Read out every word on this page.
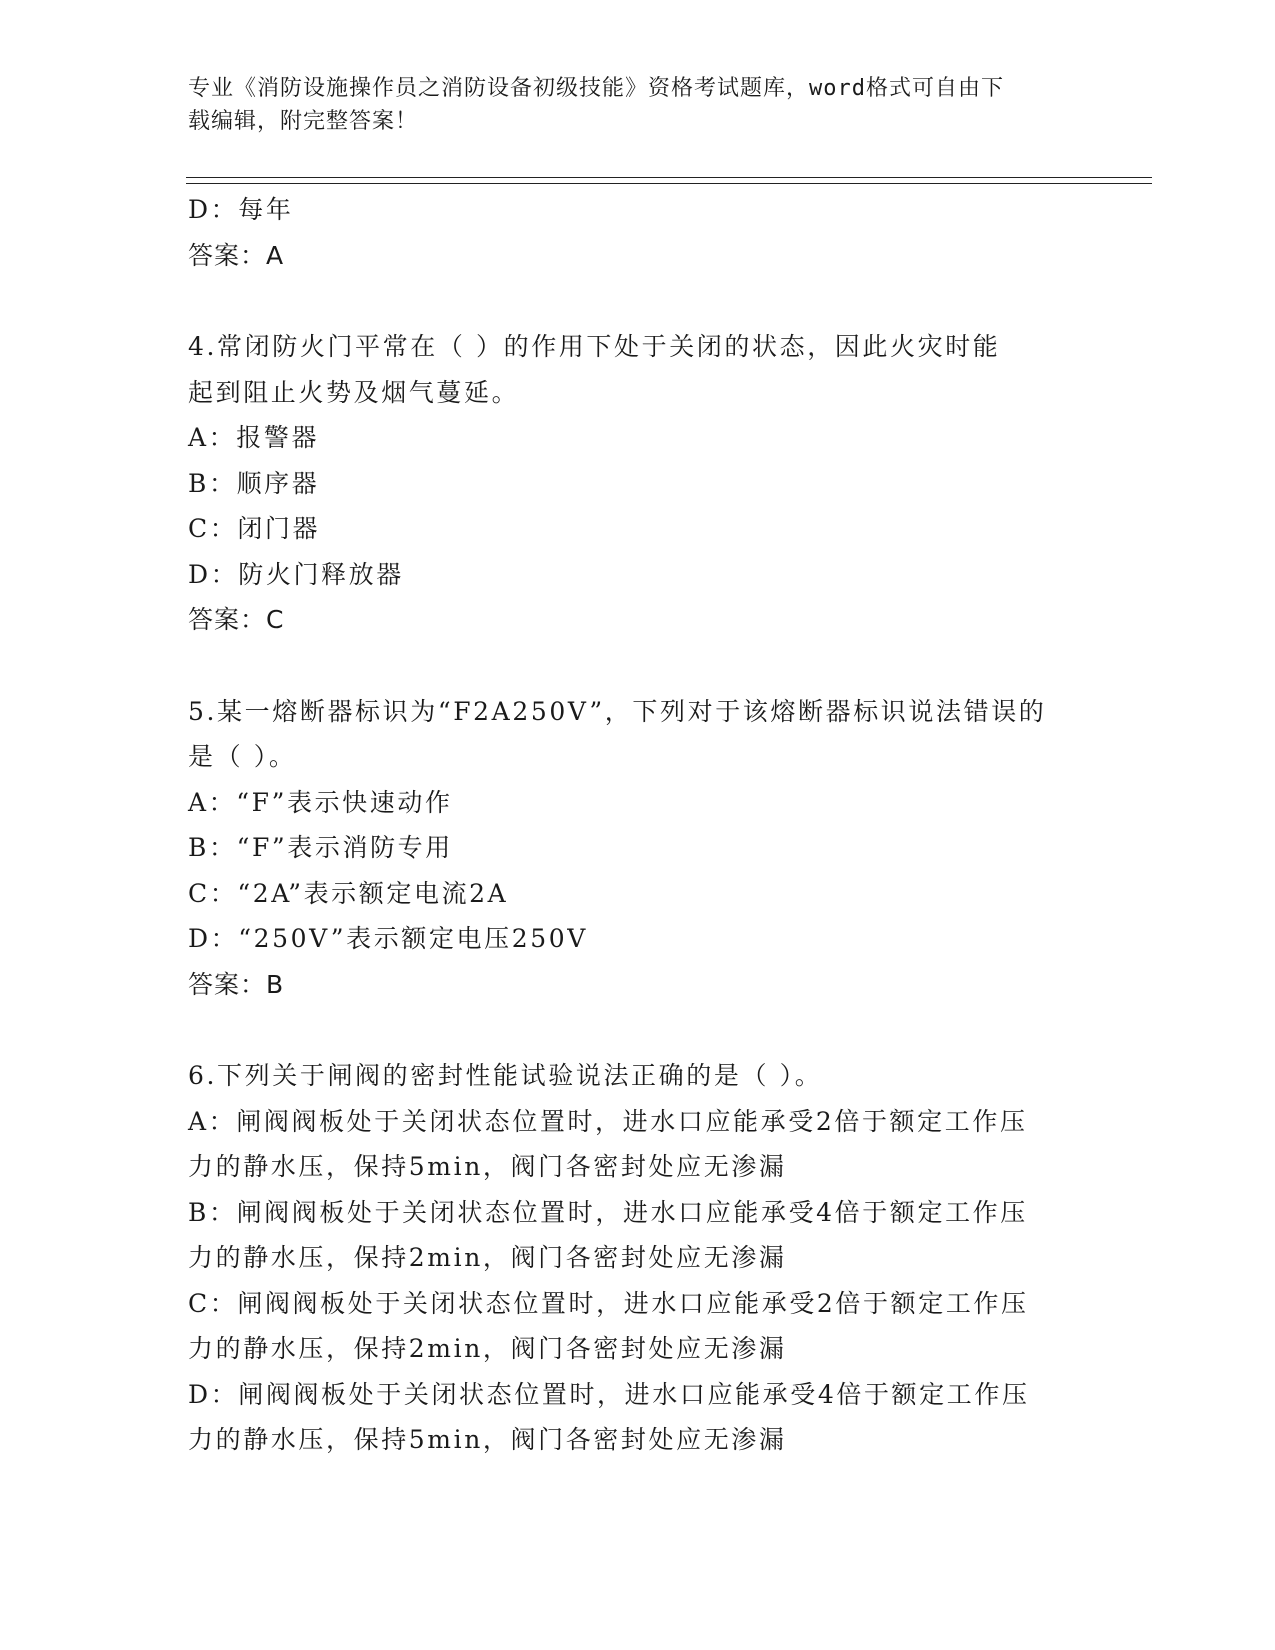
专业《消防设施操作员之消防设备初级技能》资格考试题库，word格式可自由下
载编辑，附完整答案！
D：每年
答案：A
4.常闭防火门平常在（ ）的作用下处于关闭的状态，因此火灾时能
起到阻止火势及烟气蔓延。
A：报警器
B：顺序器
C：闭门器
D：防火门释放器
答案：C
5.某一熔断器标识为“F2A250V”，下列对于该熔断器标识说法错误的
是（ ）。
A：“F”表示快速动作
B：“F”表示消防专用
C：“2A”表示额定电流2A
D：“250V”表示额定电压250V
答案：B
6.下列关于闸阀的密封性能试验说法正确的是（ ）。
A：闸阀阀板处于关闭状态位置时，进水口应能承受2倍于额定工作压
力的静水压，保持5min，阀门各密封处应无渗漏
B：闸阀阀板处于关闭状态位置时，进水口应能承受4倍于额定工作压
力的静水压，保持2min，阀门各密封处应无渗漏
C：闸阀阀板处于关闭状态位置时，进水口应能承受2倍于额定工作压
力的静水压，保持2min，阀门各密封处应无渗漏
D：闸阀阀板处于关闭状态位置时，进水口应能承受4倍于额定工作压
力的静水压，保持5min，阀门各密封处应无渗漏
